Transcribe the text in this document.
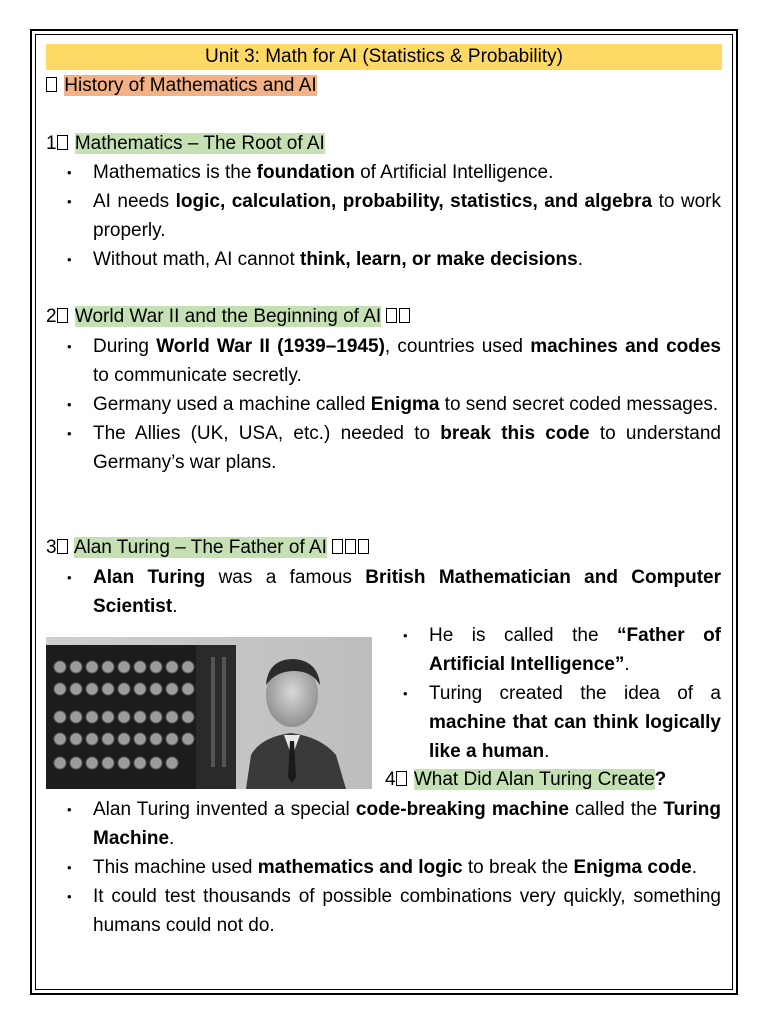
Unit 3: Math for AI (Statistics & Probability)
History of Mathematics and AI
1 Mathematics – The Root of AI
• Mathematics is the foundation of Artificial Intelligence.
• AI needs logic, calculation, probability, statistics, and algebra to work properly.
• Without math, AI cannot think, learn, or make decisions.
2 World War II and the Beginning of AI
• During World War II (1939–1945), countries used machines and codes to communicate secretly.
• Germany used a machine called Enigma to send secret coded messages.
• The Allies (UK, USA, etc.) needed to break this code to understand Germany’s war plans.
3 Alan Turing – The Father of AI
• Alan Turing was a famous British Mathematician and Computer Scientist.
• He is called the “Father of Artificial Intelligence”.
• Turing created the idea of a machine that can think logically like a human.
4 What Did Alan Turing Create?
• Alan Turing invented a special code-breaking machine called the Turing Machine.
• This machine used mathematics and logic to break the Enigma code.
• It could test thousands of possible combinations very quickly, something humans could not do.
